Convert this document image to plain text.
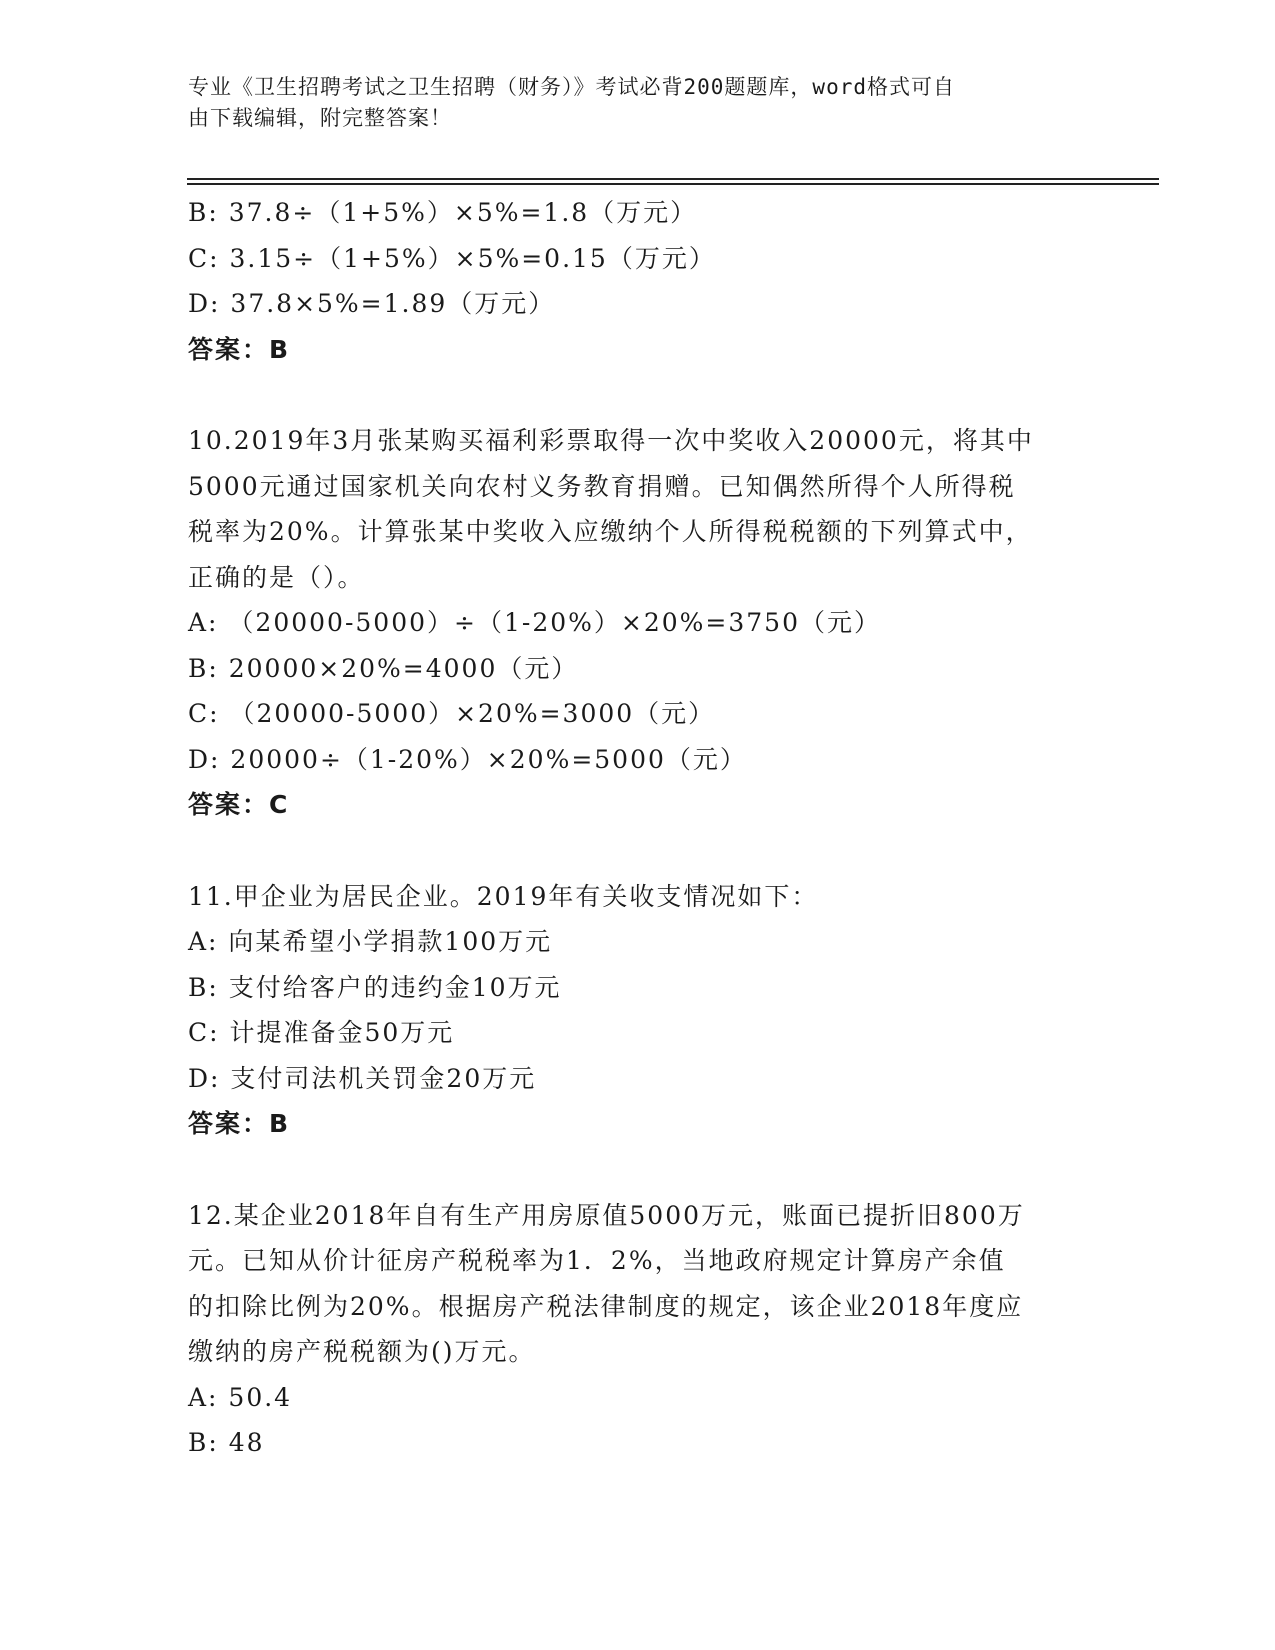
专业《卫生招聘考试之卫生招聘（财务）》考试必背200题题库，word格式可自
由下载编辑，附完整答案！
B: 37.8÷（1+5%）×5%=1.8（万元）
C: 3.15÷（1+5%）×5%=0.15（万元）
D: 37.8×5%=1.89（万元）
答案：B
10.2019年3月张某购买福利彩票取得一次中奖收入20000元，将其中
5000元通过国家机关向农村义务教育捐赠。已知偶然所得个人所得税
税率为20%。计算张某中奖收入应缴纳个人所得税税额的下列算式中，
正确的是（）。
A: （20000-5000）÷（1-20%）×20%=3750（元）
B: 20000×20%=4000（元）
C: （20000-5000）×20%=3000（元）
D: 20000÷（1-20%）×20%=5000（元）
答案：C
11.甲企业为居民企业。2019年有关收支情况如下：
A: 向某希望小学捐款100万元
B: 支付给客户的违约金10万元
C: 计提准备金50万元
D: 支付司法机关罚金20万元
答案：B
12.某企业2018年自有生产用房原值5000万元，账面已提折旧800万
元。已知从价计征房产税税率为1．2%，当地政府规定计算房产余值
的扣除比例为20%。根据房产税法律制度的规定，该企业2018年度应
缴纳的房产税税额为()万元。
A: 50.4
B: 48
